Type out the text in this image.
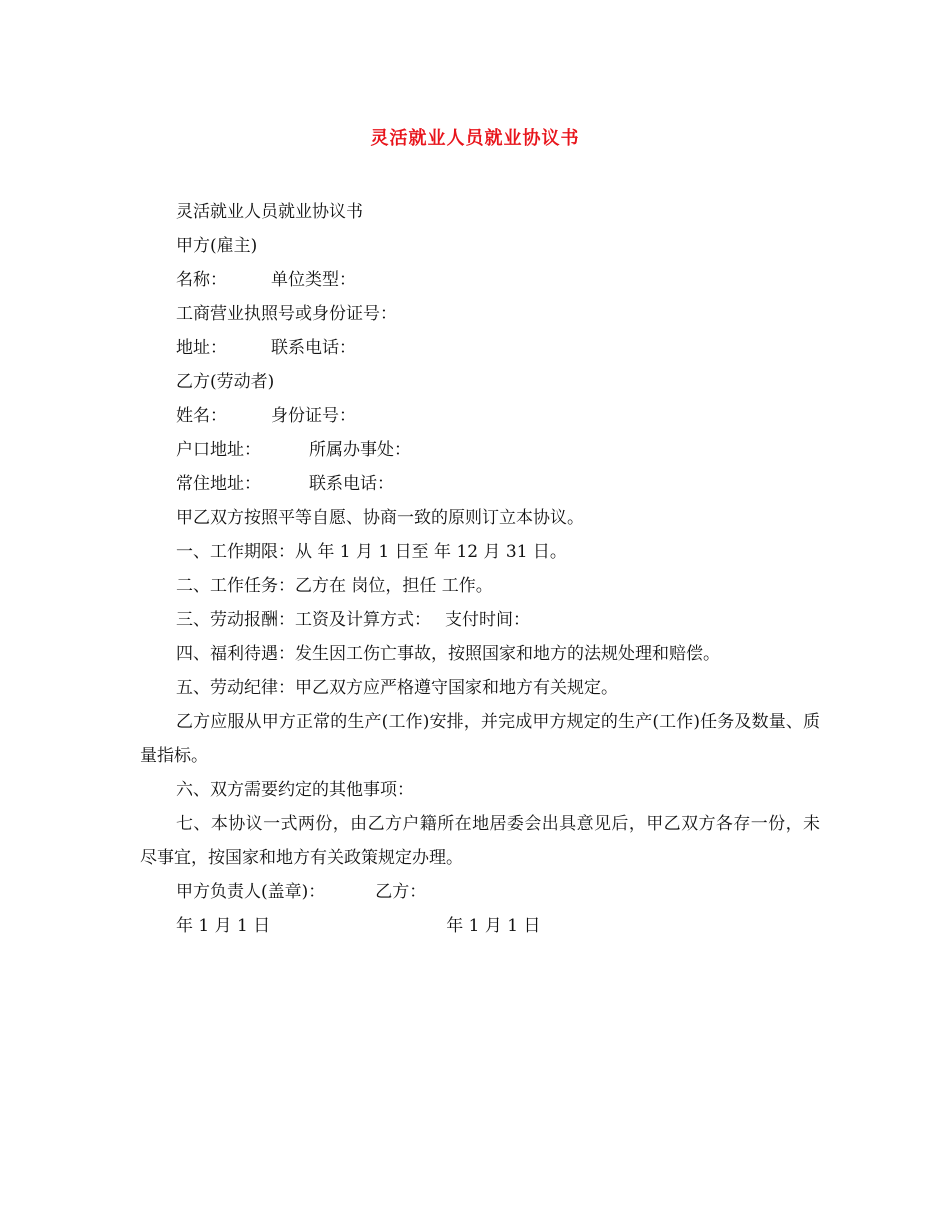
灵活就业人员就业协议书

灵活就业人员就业协议书

甲方(雇主)

名称：	单位类型：

工商营业执照号或身份证号：

地址：	联系电话：

乙方(劳动者)

姓名：	身份证号：

户口地址：	所属办事处：

常住地址：	联系电话：

甲乙双方按照平等自愿、协商一致的原则订立本协议。

一、工作期限：从 年 1 月 1 日至 年 12 月 31 日。

二、工作任务：乙方在 岗位，担任 工作。

三、劳动报酬：工资及计算方式： 支付时间：

四、福利待遇：发生因工伤亡事故，按照国家和地方的法规处理和赔偿。

五、劳动纪律：甲乙双方应严格遵守国家和地方有关规定。

乙方应服从甲方正常的生产(工作)安排，并完成甲方规定的生产(工作)任务及数量、质量指标。

六、双方需要约定的其他事项：

七、本协议一式两份，由乙方户籍所在地居委会出具意见后，甲乙双方各存一份，未尽事宜，按国家和地方有关政策规定办理。

甲方负责人(盖章)：	乙方：

年 1 月 1 日	年 1 月 1 日
